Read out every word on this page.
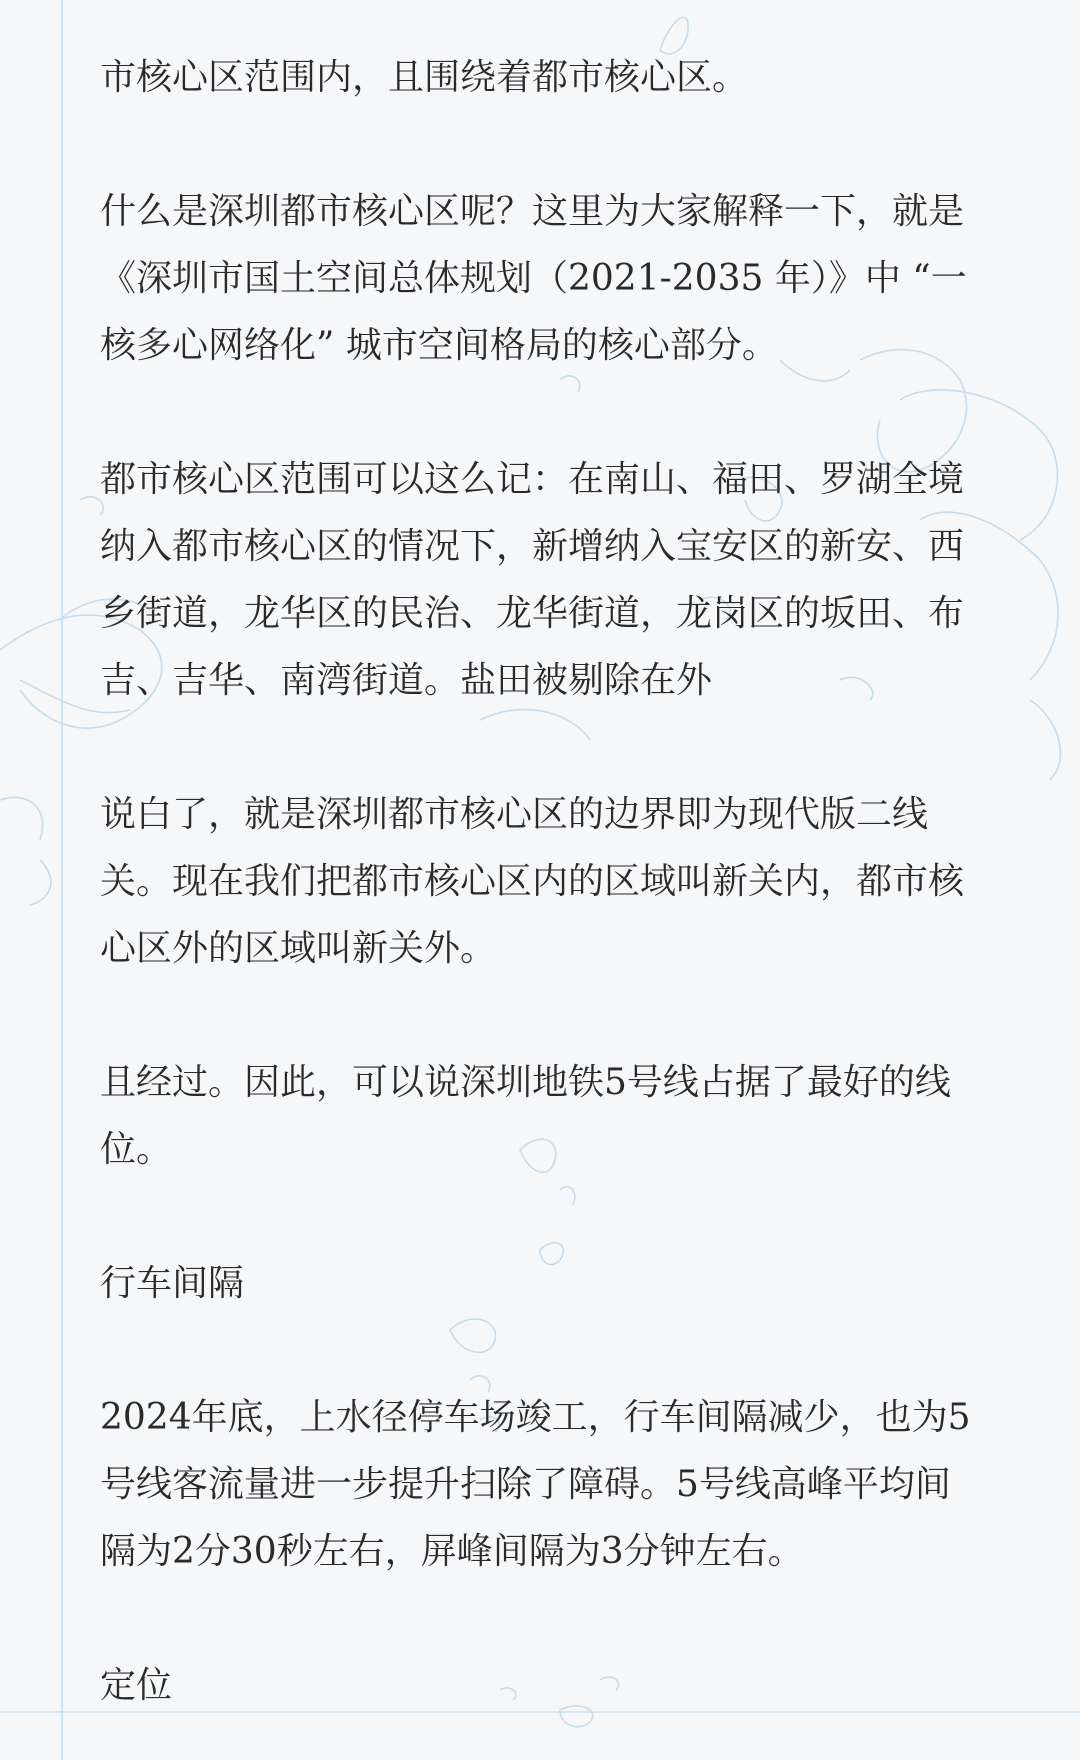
市核心区范围内，且围绕着都市核心区。
什么是深圳都市核心区呢？这里为大家解释一下，就是
《深圳市国土空间总体规划（2021-2035 年）》中 “一
核多心网络化” 城市空间格局的核心部分。
都市核心区范围可以这么记：在南山、福田、罗湖全境
纳入都市核心区的情况下，新增纳入宝安区的新安、西
乡街道，龙华区的民治、龙华街道，龙岗区的坂田、布
吉、吉华、南湾街道。盐田被剔除在外
说白了，就是深圳都市核心区的边界即为现代版二线
关。现在我们把都市核心区内的区域叫新关内，都市核
心区外的区域叫新关外。
且经过。因此，可以说深圳地铁5号线占据了最好的线
位。
行车间隔
2024年底，上水径停车场竣工，行车间隔减少，也为5
号线客流量进一步提升扫除了障碍。5号线高峰平均间
隔为2分30秒左右，屏峰间隔为3分钟左右。
定位
